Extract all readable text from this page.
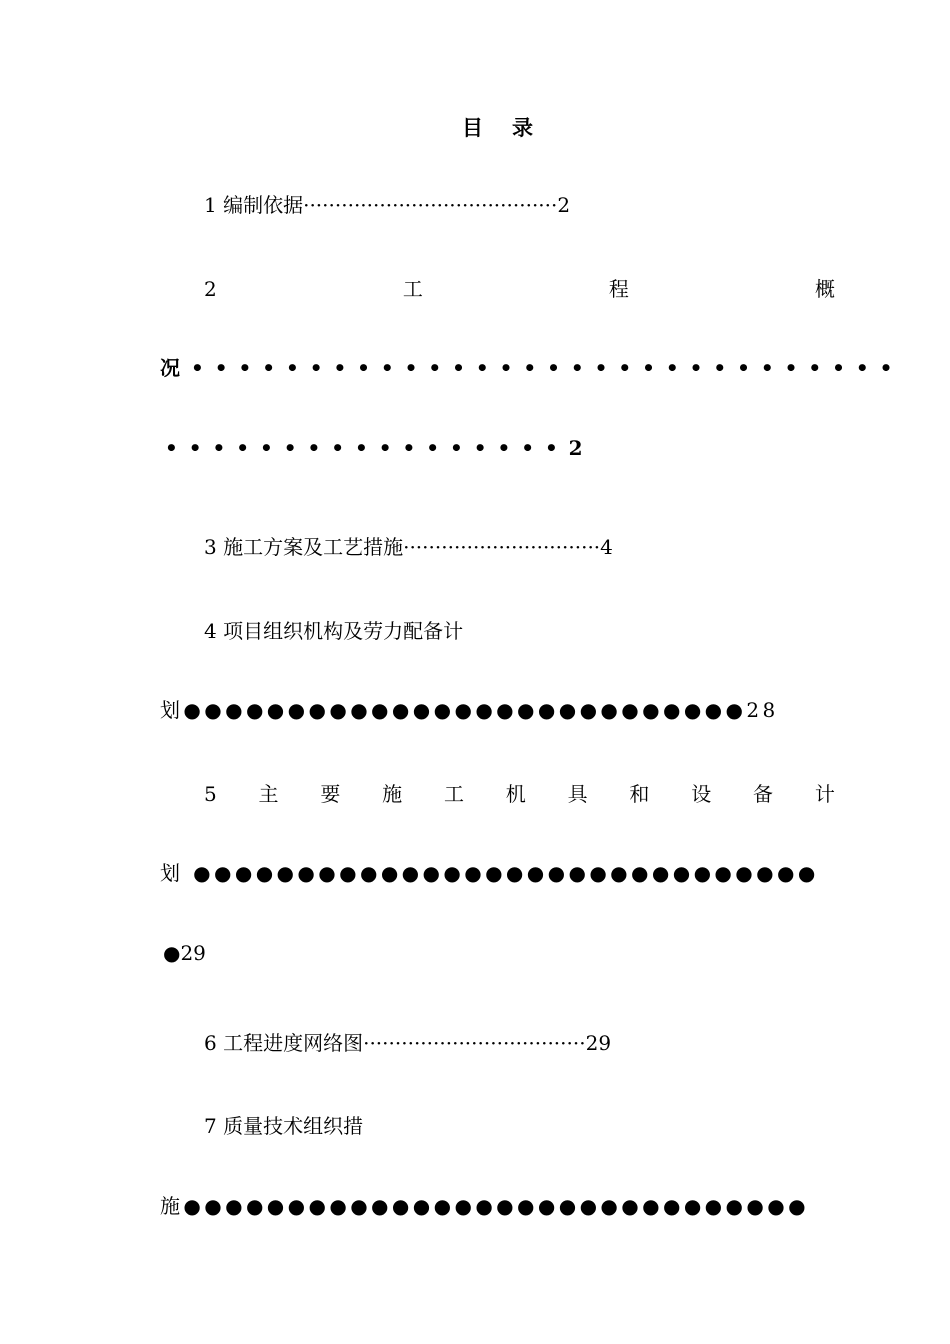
目 录
1 编制依据········································2
2	工	程	概
况 • • • • • • • • • • • • • • • • • • • • • • • • • • • • • •
• • • • • • • • • • • • • • • • • 2
3 施工方案及工艺措施·······························4
4 项目组织机构及劳力配备计
划●●●●●●●●●●●●●●●●●●●●●●●●●●●28
5 主 要 施 工 机 具 和 设 备 计
划 ●●●●●●●●●●●●●●●●●●●●●●●●●●●●●●
●29
6 工程进度网络图···································29
7 质量技术组织措
施●●●●●●●●●●●●●●●●●●●●●●●●●●●●●●
